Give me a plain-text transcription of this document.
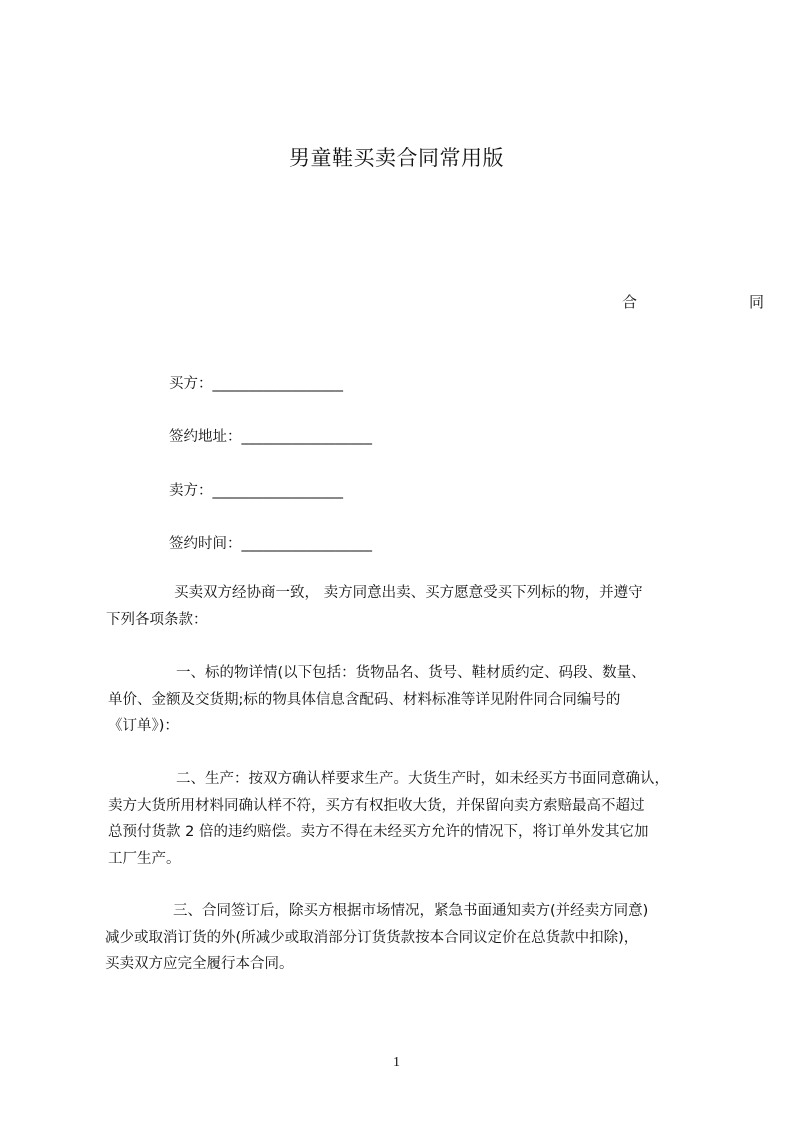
男童鞋买卖合同常用版
合	同
买方：__________________
签约地址：__________________
卖方：__________________
签约时间：__________________
买卖双方经协商一致， 卖方同意出卖、买方愿意受买下列标的物，并遵守
下列各项条款：
一、标的物详情(以下包括：货物品名、货号、鞋材质约定、码段、数量、
单价、金额及交货期;标的物具体信息含配码、材料标准等详见附件同合同编号的
《订单》)：
二、生产：按双方确认样要求生产。大货生产时，如未经买方书面同意确认，
卖方大货所用材料同确认样不符，买方有权拒收大货，并保留向卖方索赔最高不超过
总预付货款 2 倍的违约赔偿。卖方不得在未经买方允许的情况下，将订单外发其它加
工厂生产。
三、合同签订后，除买方根据市场情况，紧急书面通知卖方(并经卖方同意)
减少或取消订货的外(所减少或取消部分订货货款按本合同议定价在总货款中扣除)，
买卖双方应完全履行本合同。
1
